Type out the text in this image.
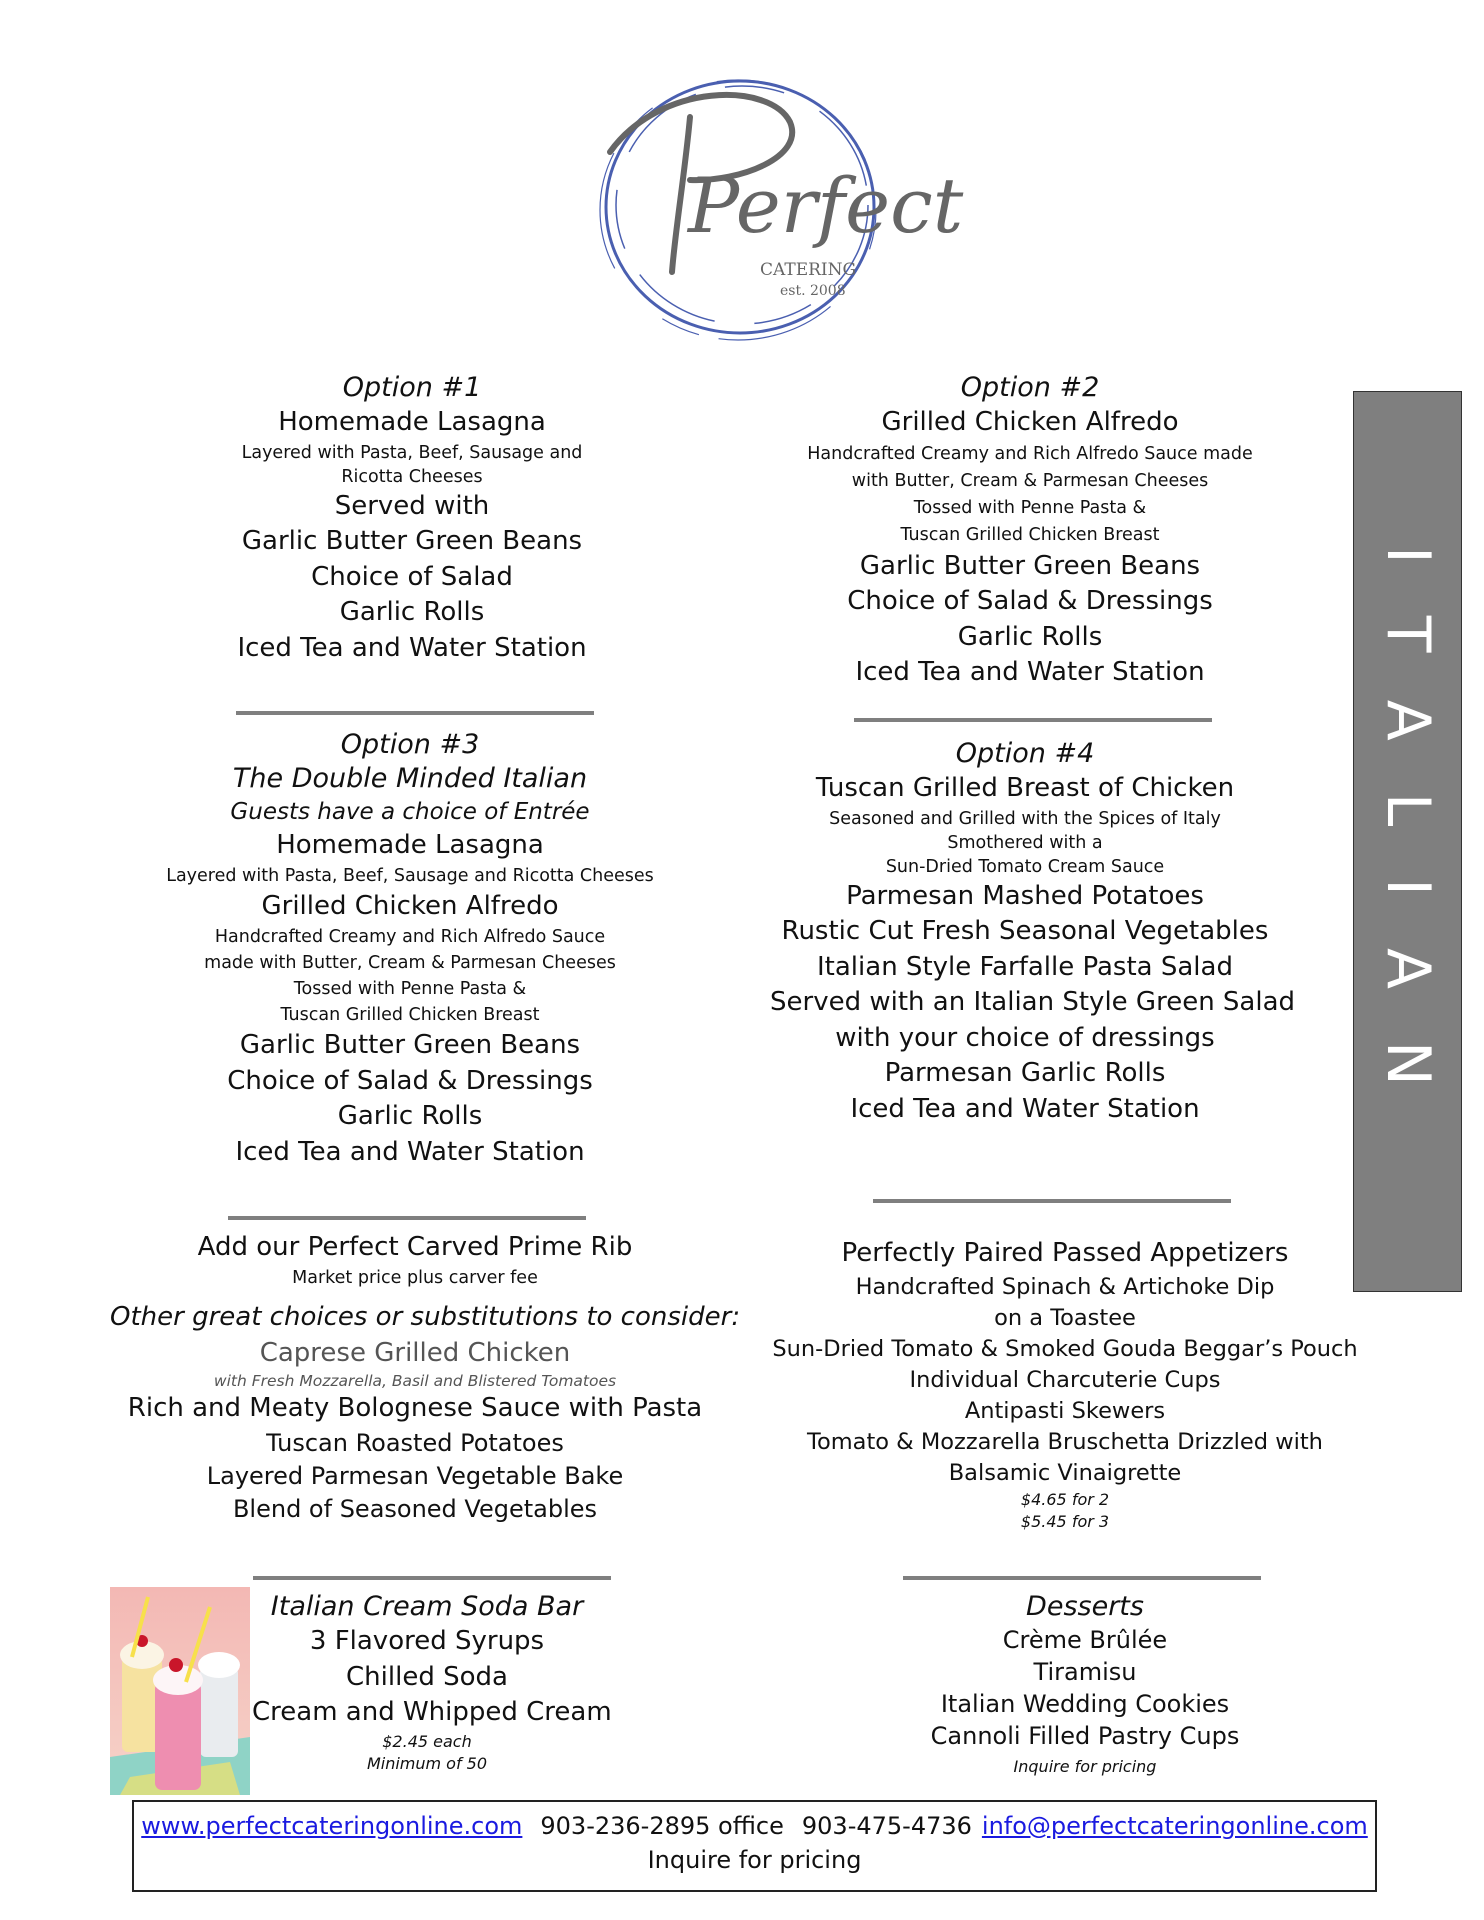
Perfect
CATERING
est. 2008
ITALIAN
Option #1
Homemade Lasagna
Layered with Pasta, Beef, Sausage and
Ricotta Cheeses
Served with
Garlic Butter Green Beans
Choice of Salad
Garlic Rolls
Iced Tea and Water Station
Option #2
Grilled Chicken Alfredo
Handcrafted Creamy and Rich Alfredo Sauce made
with Butter, Cream & Parmesan Cheeses
Tossed with Penne Pasta &
Tuscan Grilled Chicken Breast
Garlic Butter Green Beans
Choice of Salad & Dressings
Garlic Rolls
Iced Tea and Water Station
Option #3
The Double Minded Italian
Guests have a choice of Entrée
Homemade Lasagna
Layered with Pasta, Beef, Sausage and Ricotta Cheeses
Grilled Chicken Alfredo
Handcrafted Creamy and Rich Alfredo Sauce
made with Butter, Cream & Parmesan Cheeses
Tossed with Penne Pasta &
Tuscan Grilled Chicken Breast
Garlic Butter Green Beans
Choice of Salad & Dressings
Garlic Rolls
Iced Tea and Water Station
Option #4
Tuscan Grilled Breast of Chicken
Seasoned and Grilled with the Spices of Italy
Smothered with a
Sun-Dried Tomato Cream Sauce
Parmesan Mashed Potatoes
Rustic Cut Fresh Seasonal Vegetables
Italian Style Farfalle Pasta Salad
Served with an Italian Style Green Salad
with your choice of dressings
Parmesan Garlic Rolls
Iced Tea and Water Station
Add our Perfect Carved Prime Rib
Market price plus carver fee
Other great choices or substitutions to consider:
Caprese Grilled Chicken
with Fresh Mozzarella, Basil and Blistered Tomatoes
Rich and Meaty Bolognese Sauce with Pasta
Tuscan Roasted Potatoes
Layered Parmesan Vegetable Bake
Blend of Seasoned Vegetables
Perfectly Paired Passed Appetizers
Handcrafted Spinach & Artichoke Dip
on a Toastee
Sun-Dried Tomato & Smoked Gouda Beggar’s Pouch
Individual Charcuterie Cups
Antipasti Skewers
Tomato & Mozzarella Bruschetta Drizzled with
Balsamic Vinaigrette
$4.65 for 2
$5.45 for 3
Italian Cream Soda Bar
3 Flavored Syrups
Chilled Soda
Cream and Whipped Cream
$2.45 each
Minimum of 50
Desserts
Crème Brûlée
Tiramisu
Italian Wedding Cookies
Cannoli Filled Pastry Cups
Inquire for pricing
www.perfectcateringonline.com 903-236-2895 office 903-475-4736 info@perfectcateringonline.com
Inquire for pricing
